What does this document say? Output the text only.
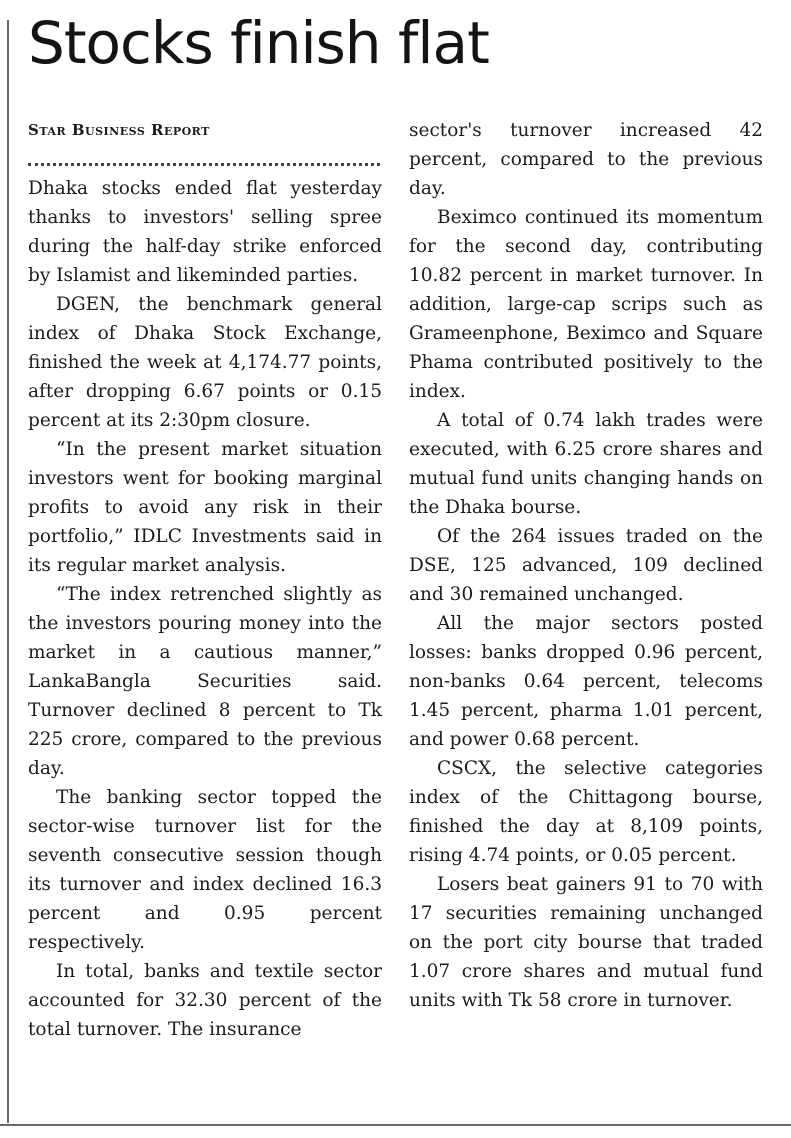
Stocks finish flat

Star Business Report

Dhaka stocks ended flat yesterday thanks to investors' selling spree during the half-day strike enforced by Islamist and likeminded parties.

DGEN, the benchmark general index of Dhaka Stock Exchange, finished the week at 4,174.77 points, after dropping 6.67 points or 0.15 percent at its 2:30pm closure.

“In the present market situation investors went for booking marginal profits to avoid any risk in their portfolio,” IDLC Investments said in its regular market analysis.

“The index retrenched slightly as the investors pouring money into the market in a cautious manner,” LankaBangla Securities said. Turnover declined 8 percent to Tk 225 crore, compared to the previous day.

The banking sector topped the sector-wise turnover list for the seventh consecutive session though its turnover and index declined 16.3 percent and 0.95 percent respectively.

In total, banks and textile sector accounted for 32.30 percent of the total turnover. The insurance

sector's turnover increased 42 percent, compared to the previous day.

Beximco continued its momentum for the second day, contributing 10.82 percent in market turnover. In addition, large-cap scrips such as Grameenphone, Beximco and Square Phama contributed positively to the index.

A total of 0.74 lakh trades were executed, with 6.25 crore shares and mutual fund units changing hands on the Dhaka bourse.

Of the 264 issues traded on the DSE, 125 advanced, 109 declined and 30 remained unchanged.

All the major sectors posted losses: banks dropped 0.96 percent, non-banks 0.64 percent, telecoms 1.45 percent, pharma 1.01 percent, and power 0.68 percent.

CSCX, the selective categories index of the Chittagong bourse, finished the day at 8,109 points, rising 4.74 points, or 0.05 percent.

Losers beat gainers 91 to 70 with 17 securities remaining unchanged on the port city bourse that traded 1.07 crore shares and mutual fund units with Tk 58 crore in turnover.
